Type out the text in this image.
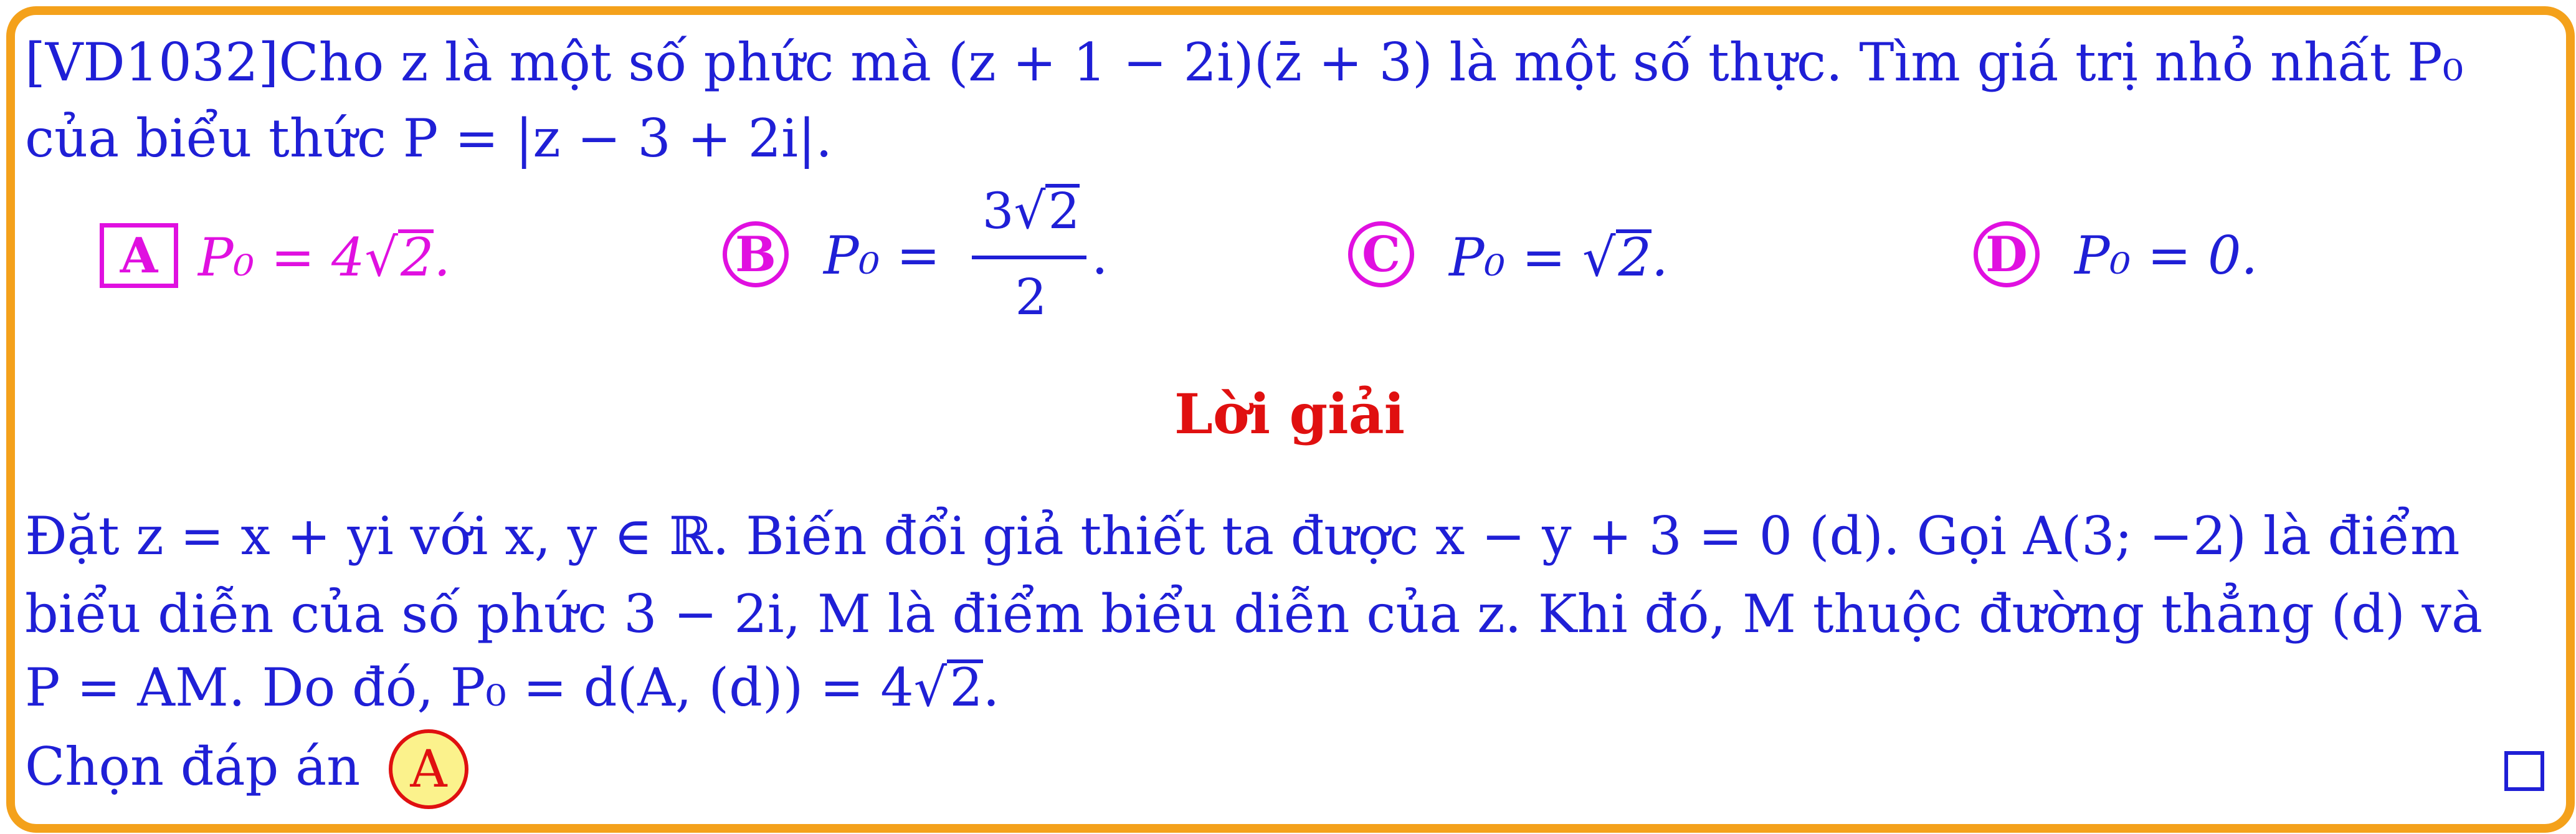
[VD1032]Cho z là một số phức mà (z + 1 − 2i)(z̄ + 3) là một số thực. Tìm giá trị nhỏ nhất P₀
của biểu thức P = |z − 3 + 2i|.
A P₀ = 4√2.	B P₀ =
3√2
2
.	C P₀ = √2.	D P₀ = 0.
Lời giải
Đặt z = x + yi với x, y ∈ ℝ. Biến đổi giả thiết ta được x − y + 3 = 0 (d). Gọi A(3; −2) là điểm
biểu diễn của số phức 3 − 2i, M là điểm biểu diễn của z. Khi đó, M thuộc đường thẳng (d) và
P = AM. Do đó, P₀ = d(A, (d)) = 4√2.
Chọn đáp án A
